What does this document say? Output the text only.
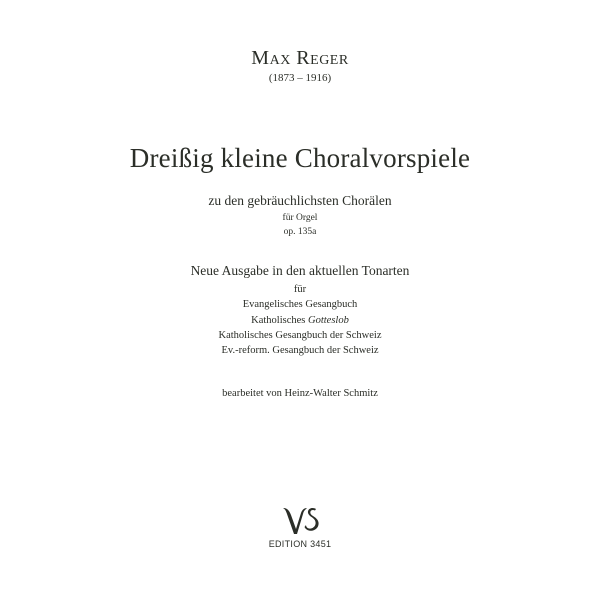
Max Reger
(1873 – 1916)
Dreißig kleine Choralvorspiele
zu den gebräuchlichsten Chorälen
für Orgel
op. 135a
Neue Ausgabe in den aktuellen Tonarten
für
Evangelisches Gesangbuch
Katholisches Gotteslob
Katholisches Gesangbuch der Schweiz
Ev.-reform. Gesangbuch der Schweiz
bearbeitet von Heinz-Walter Schmitz
EDITION 3451
